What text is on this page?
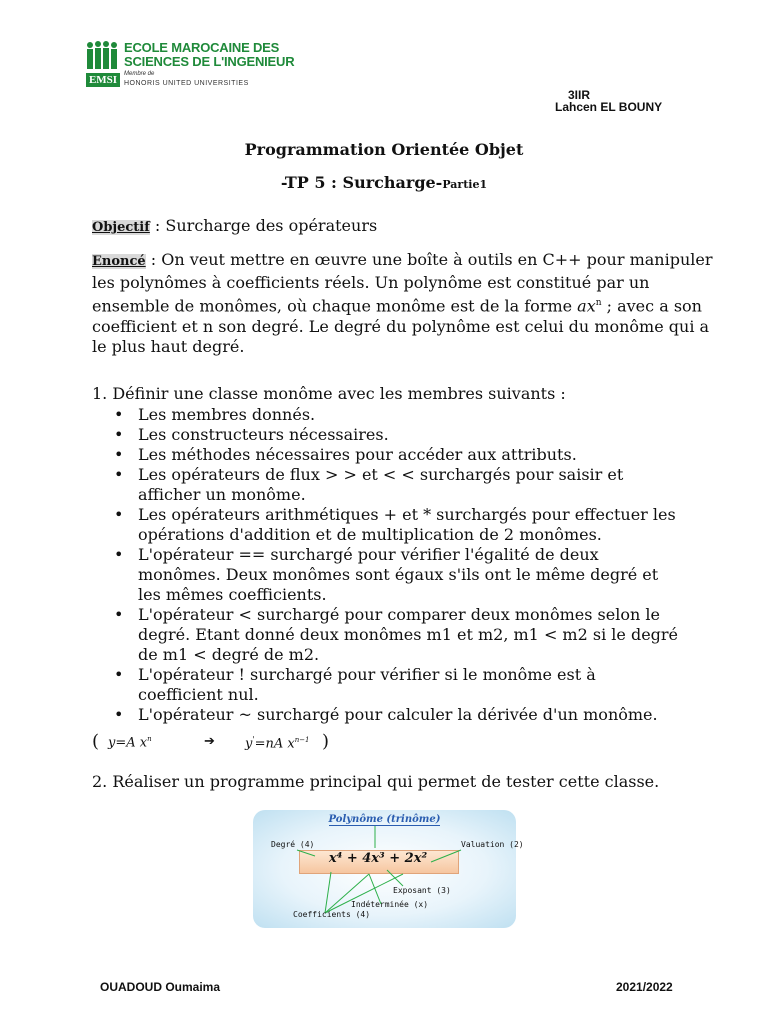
EMSI
ECOLE MAROCAINE DES
SCIENCES DE L'INGENIEUR
Membre de
HONORIS UNITED UNIVERSITIES
3IIR
Lahcen EL BOUNY
Programmation Orientée Objet
-TP 5 : Surcharge-Partie1
Objectif : Surcharge des opérateurs
Enoncé : On veut mettre en œuvre une boîte à outils en C++ pour manipuler
les polynômes à coefficients réels. Un polynôme est constitué par un
ensemble de monômes, où chaque monôme est de la forme $ax^n$ ; avec a son
coefficient et n son degré. Le degré du polynôme est celui du monôme qui a
le plus haut degré.
1. Définir une classe monôme avec les membres suivants :
• Les membres donnés.
• Les constructeurs nécessaires.
• Les méthodes nécessaires pour accéder aux attributs.
• Les opérateurs de flux > > et < < surchargés pour saisir et afficher un monôme.
• Les opérateurs arithmétiques + et * surchargés pour effectuer les opérations d'addition et de multiplication de 2 monômes.
• L'opérateur == surchargé pour vérifier l'égalité de deux monômes. Deux monômes sont égaux s'ils ont le même degré et les mêmes coefficients.
• L'opérateur < surchargé pour comparer deux monômes selon le degré. Etant donné deux monômes m1 et m2, m1 < m2 si le degré de m1 < degré de m2.
• L'opérateur ! surchargé pour vérifier si le monôme est à coefficient nul.
• L'opérateur ~ surchargé pour calculer la dérivée d'un monôme.
( y=A $x^n$	➔ y'=nA $x^{n-1}$ )
2. Réaliser un programme principal qui permet de tester cette classe.
Polynôme (trinôme)
x⁴ + 4x³ + 2x²
Degré (4)	Valuation (2)
Exposant (3)
Indéterminée (x)
Coefficients (4)
OUADOUD Oumaima	2021/2022
